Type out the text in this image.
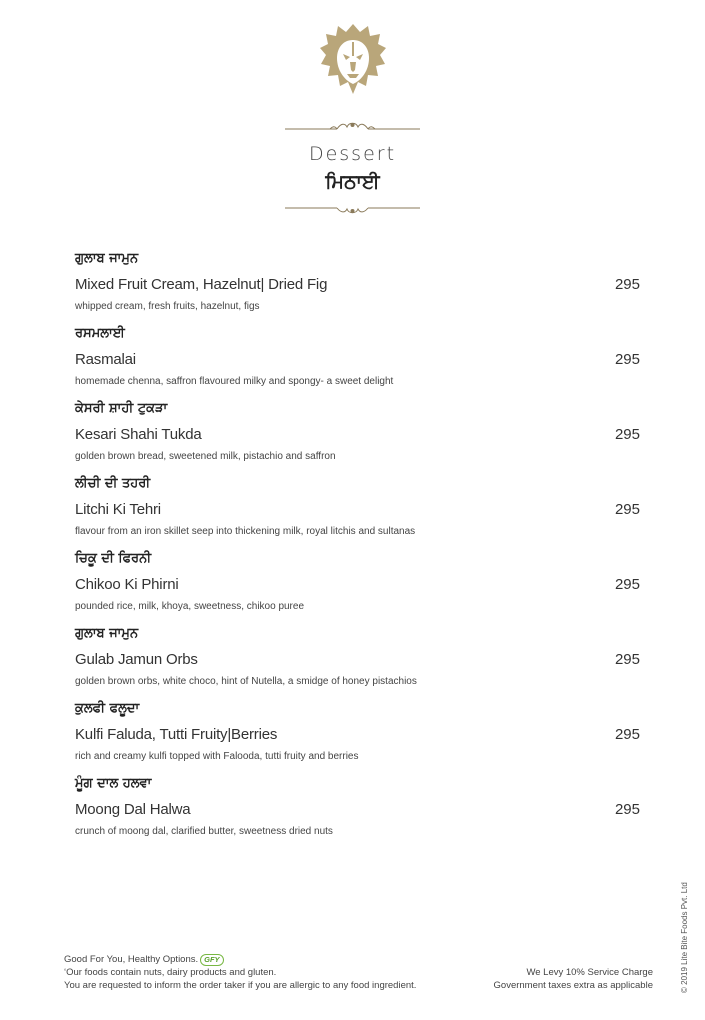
Dessert
ਮਿਠਾਈ
ਗੁਲਾਬ ਜਾਮੁਨ
Mixed Fruit Cream, Hazelnut| Dried Fig	295
whipped cream, fresh fruits, hazelnut, figs
ਰਸਮਲਾਈ
Rasmalai	295
homemade chenna, saffron flavoured milky and spongy- a sweet delight
ਕੇਸਰੀ ਸ਼ਾਹੀ ਟੁਕੜਾ
Kesari Shahi Tukda	295
golden brown bread, sweetened milk, pistachio and saffron
ਲੀਚੀ ਦੀ ਤਹਰੀ
Litchi Ki Tehri	295
flavour from an iron skillet seep into thickening milk, royal litchis and sultanas
ਚਿਕੂ ਦੀ ਫਿਰਨੀ
Chikoo Ki Phirni	295
pounded rice, milk, khoya, sweetness, chikoo puree
ਗੁਲਾਬ ਜਾਮੁਨ
Gulab Jamun Orbs	295
golden brown orbs, white choco, hint of Nutella, a smidge of honey pistachios
ਕੁਲਫੀ ਫਲੂਦਾ
Kulfi Faluda, Tutti Fruity|Berries	295
rich and creamy kulfi topped with Falooda, tutti fruity and berries
ਮੂੰਗ ਦਾਲ ਹਲਵਾ
Moong Dal Halwa	295
crunch of moong dal, clarified butter, sweetness dried nuts
Good For You, Healthy Options. GFY
‘Our foods contain nuts, dairy products and gluten.
You are requested to inform the order taker if you are allergic to any food ingredient.
We Levy 10% Service Charge
Government taxes extra as applicable	© 2019 Lite Bite Foods Pvt. Ltd
